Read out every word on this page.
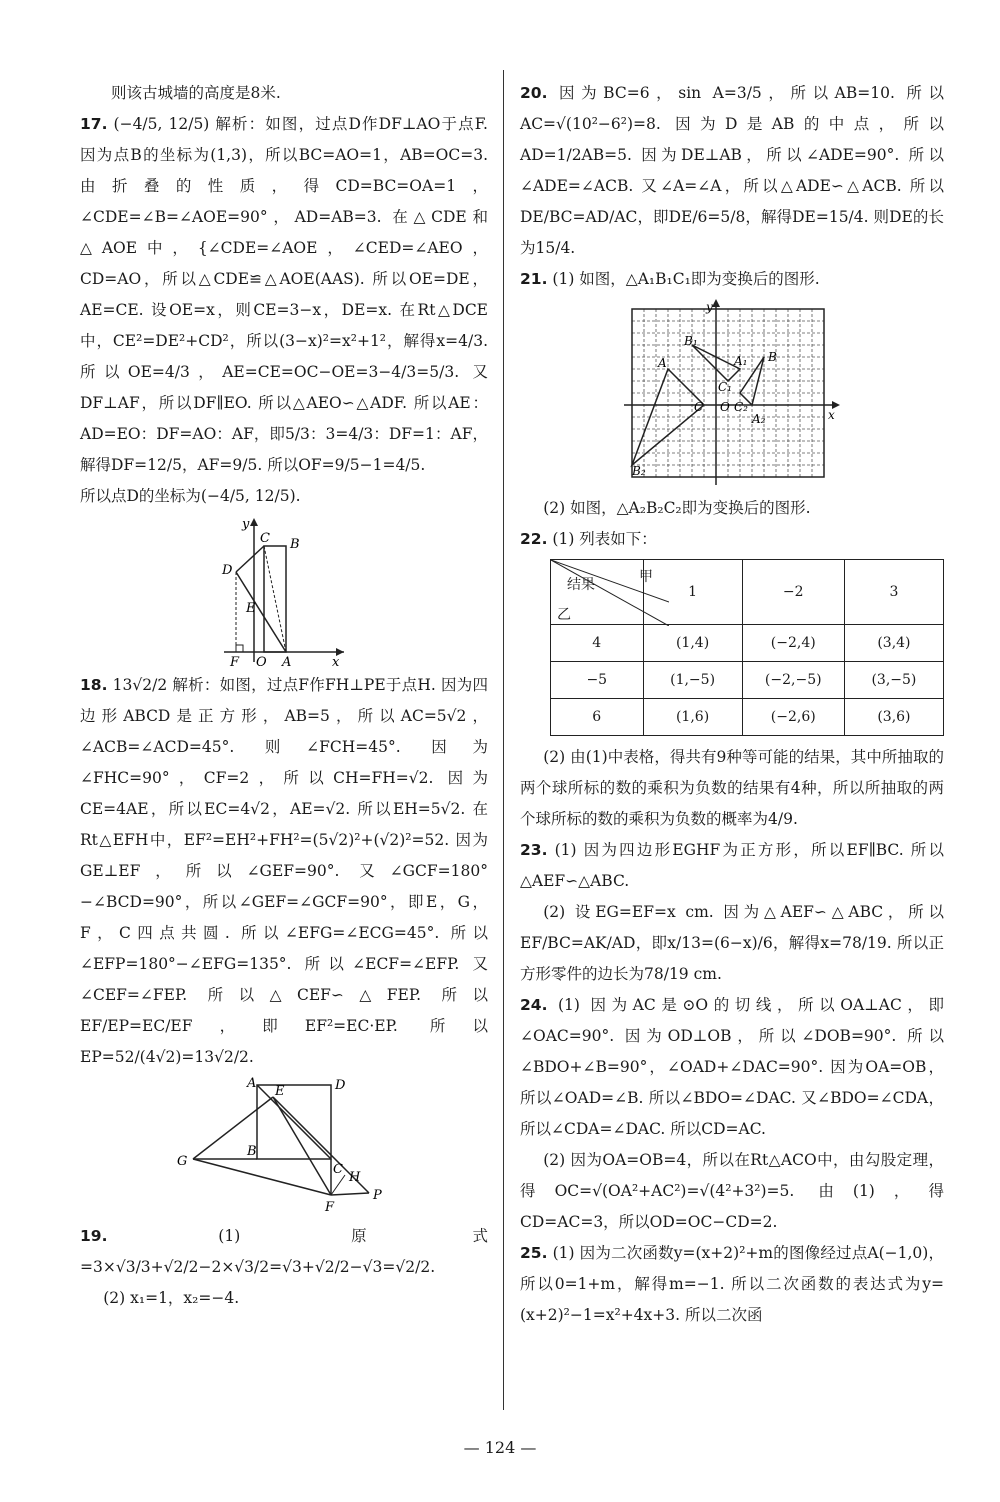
则该古城墙的高度是8米.

17. (−4/5, 12/5) 解析：如图，过点D作DF⊥AO于点F. 因为点B的坐标为(1,3)，所以BC=AO=1，AB=OC=3. 由折叠的性质，得CD=BC=OA=1，∠CDE=∠B=∠AOE=90°，AD=AB=3. 在△CDE和△AOE中，{∠CDE=∠AOE，∠CED=∠AEO，CD=AO，所以△CDE≌△AOE(AAS). 所以OE=DE，AE=CE. 设OE=x，则CE=3−x，DE=x. 在Rt△DCE中，CE²=DE²+CD²，所以(3−x)²=x²+1²，解得x=4/3. 所以OE=4/3，AE=CE=OC−OE=3−4/3=5/3. 又DF⊥AF，所以DF∥EO. 所以△AEO∽△ADF. 所以AE：AD=EO：DF=AO：AF，即5/3：3=4/3：DF=1：AF，解得DF=12/5，AF=9/5. 所以OF=9/5−1=4/5.

所以点D的坐标为(−4/5, 12/5).

y
C B
D
E
F O A	x

18. 13√2/2 解析：如图，过点F作FH⊥PE于点H. 因为四边形ABCD是正方形，AB=5，所以AC=5√2，∠ACB=∠ACD=45°. 则∠FCH=45°. 因为∠FHC=90°，CF=2，所以CH=FH=√2. 因为CE=4AE，所以EC=4√2，AE=√2. 所以EH=5√2. 在Rt△EFH中，EF²=EH²+FH²=(5√2)²+(√2)²=52. 因为GE⊥EF，所以∠GEF=90°. 又∠GCF=180°−∠BCD=90°，所以∠GEF=∠GCF=90°，即E，G，F，C四点共圆. 所以∠EFG=∠ECG=45°. 所以∠EFP=180°−∠EFG=135°. 所以∠ECF=∠EFP. 又∠CEF=∠FEP. 所以△CEF∽△FEP. 所以EF/EP=EC/EF，即EF²=EC·EP. 所以EP=52/(4√2)=13√2/2.

A	D
E
G
B
C
H
F
P

19.	(1) 原式=3×√3/3+√2/2−2×√3/2=√3+√2/2−√3=√2/2.

(2) x₁=1，x₂=−4.

20. 因为BC=6，sin A=3/5，所以AB=10. 所以AC=√(10²−6²)=8. 因为D是AB的中点，所以AD=1/2AB=5. 因为DE⊥AB，所以∠ADE=90°. 所以∠ADE=∠ACB. 又∠A=∠A，所以△ADE∽△ACB. 所以DE/BC=AD/AC，即DE/6=5/8，解得DE=15/4. 则DE的长为15/4.

21. (1) 如图，△A₁B₁C₁即为变换后的图形.

y
B₁
A	A₁ B
C₁
C O C₂
A₂
B₂
x

(2) 如图，△A₂B₂C₂即为变换后的图形.

22. (1) 列表如下：

甲
结果
乙	1	−2	3
4	(1,4)	(−2,4)	(3,4)
−5	(1,−5)	(−2,−5)	(3,−5)
6	(1,6)	(−2,6)	(3,6)

(2) 由(1)中表格，得共有9种等可能的结果，其中所抽取的两个球所标的数的乘积为负数的结果有4种，所以所抽取的两个球所标的数的乘积为负数的概率为4/9.

23. (1) 因为四边形EGHF为正方形，所以EF∥BC. 所以△AEF∽△ABC.

(2) 设EG=EF=x cm. 因为△AEF∽△ABC，所以EF/BC=AK/AD，即x/13=(6−x)/6，解得x=78/19. 所以正方形零件的边长为78/19 cm.

24. (1) 因为AC是⊙O的切线，所以OA⊥AC，即∠OAC=90°. 因为OD⊥OB，所以∠DOB=90°. 所以∠BDO+∠B=90°，∠OAD+∠DAC=90°. 因为OA=OB，所以∠OAD=∠B. 所以∠BDO=∠DAC. 又∠BDO=∠CDA，所以∠CDA=∠DAC. 所以CD=AC.

(2) 因为OA=OB=4，所以在Rt△ACO中，由勾股定理，得OC=√(OA²+AC²)=√(4²+3²)=5. 由(1)，得CD=AC=3，所以OD=OC−CD=2.

25. (1) 因为二次函数y=(x+2)²+m的图像经过点A(−1,0)，所以0=1+m，解得m=−1. 所以二次函数的表达式为y=(x+2)²−1=x²+4x+3. 所以二次函

— 124 —
